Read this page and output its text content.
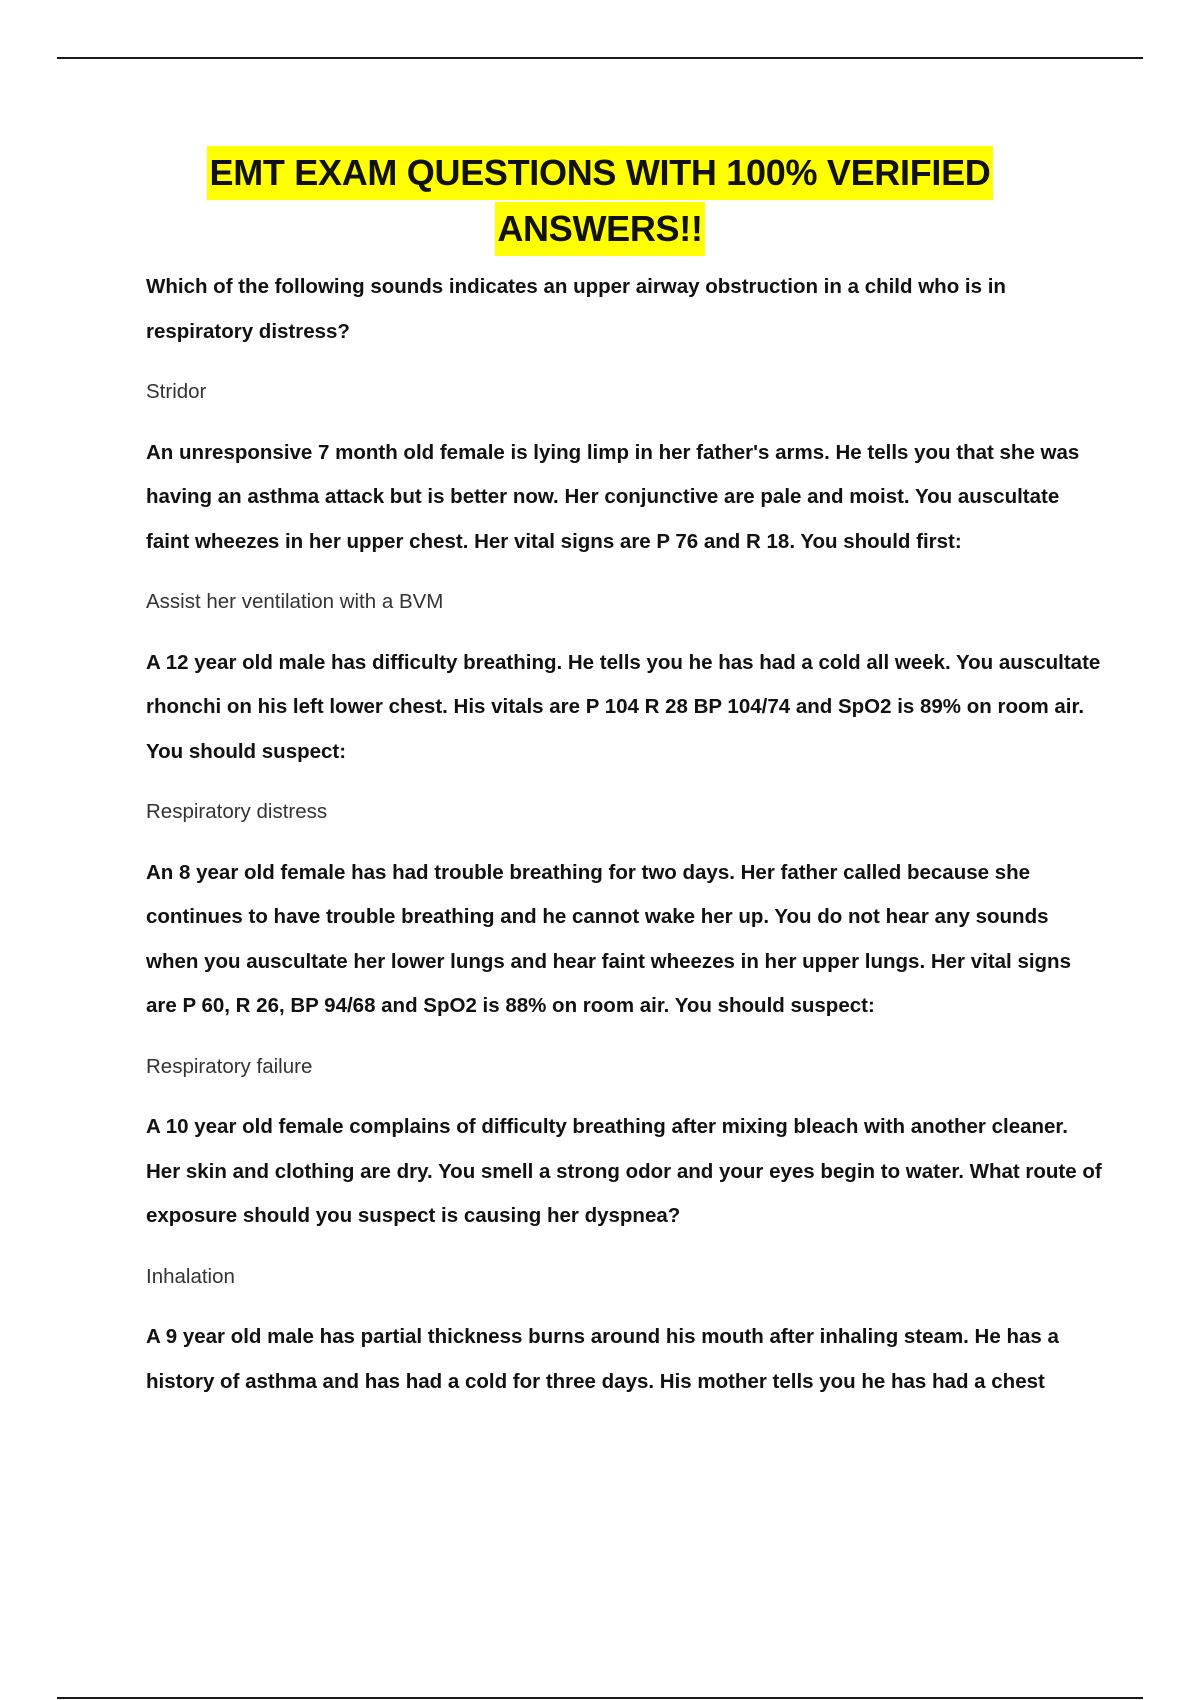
EMT EXAM QUESTIONS WITH 100% VERIFIED
ANSWERS!!

Which of the following sounds indicates an upper airway obstruction in a child who is in respiratory distress?

Stridor

An unresponsive 7 month old female is lying limp in her father's arms. He tells you that she was having an asthma attack but is better now. Her conjunctive are pale and moist. You auscultate faint wheezes in her upper chest. Her vital signs are P 76 and R 18. You should first:

Assist her ventilation with a BVM

A 12 year old male has difficulty breathing. He tells you he has had a cold all week. You auscultate rhonchi on his left lower chest. His vitals are P 104 R 28 BP 104/74 and SpO2 is 89% on room air. You should suspect:

Respiratory distress

An 8 year old female has had trouble breathing for two days. Her father called because she continues to have trouble breathing and he cannot wake her up. You do not hear any sounds when you auscultate her lower lungs and hear faint wheezes in her upper lungs. Her vital signs are P 60, R 26, BP 94/68 and SpO2 is 88% on room air. You should suspect:

Respiratory failure

A 10 year old female complains of difficulty breathing after mixing bleach with another cleaner. Her skin and clothing are dry. You smell a strong odor and your eyes begin to water. What route of exposure should you suspect is causing her dyspnea?

Inhalation

A 9 year old male has partial thickness burns around his mouth after inhaling steam. He has a history of asthma and has had a cold for three days. His mother tells you he has had a chest
